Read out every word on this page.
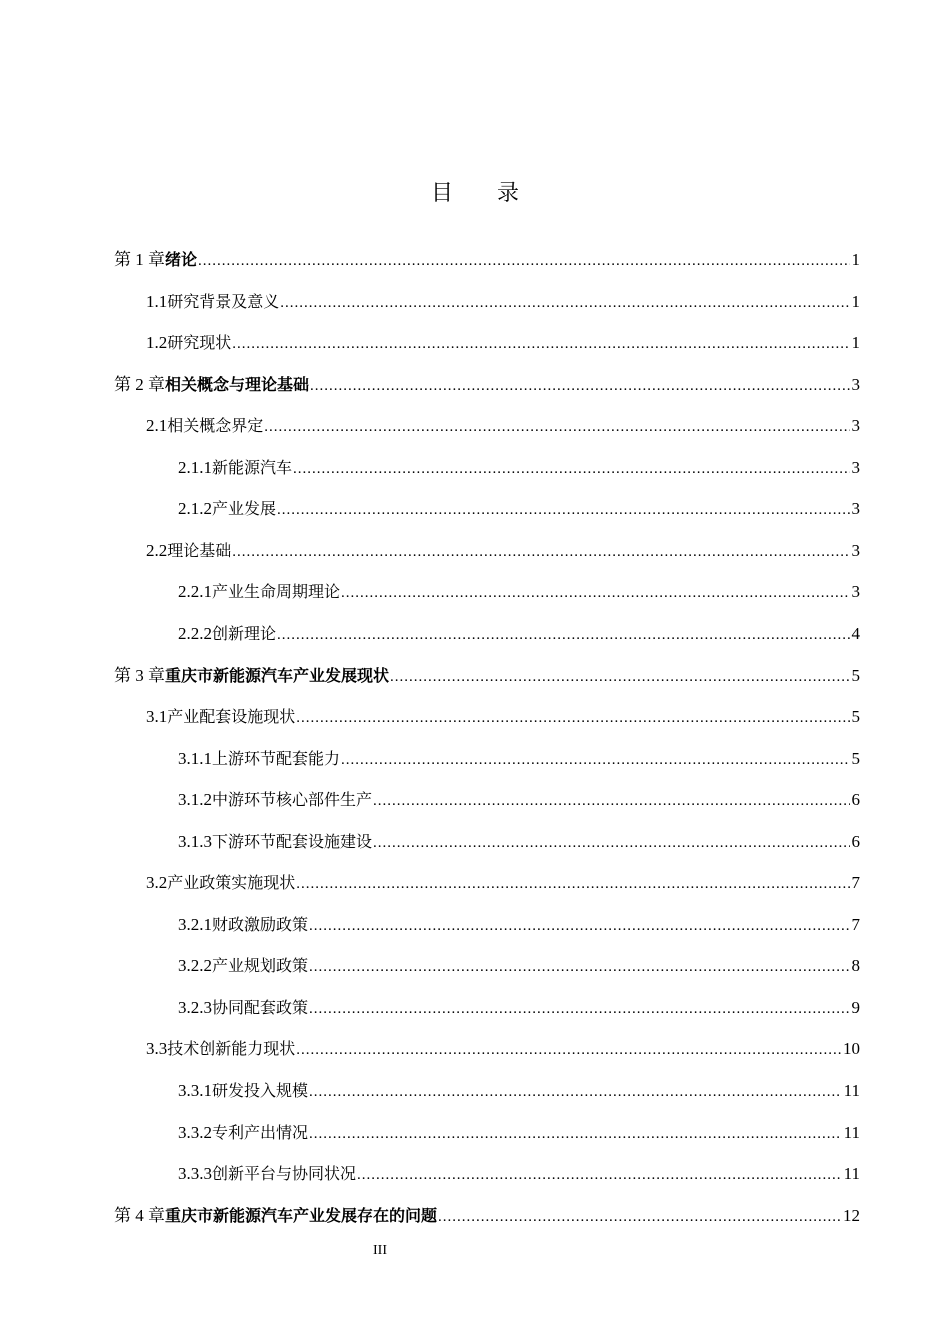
目 录
第 1 章 绪论 .....	1
1.1 研究背景及意义 .....	1
1.2 研究现状 .....	1
第 2 章 相关概念与理论基础 .....	3
2.1 相关概念界定 .....	3
2.1.1 新能源汽车 .....	3
2.1.2 产业发展 .....	3
2.2 理论基础 .....	3
2.2.1 产业生命周期理论 .....	3
2.2.2 创新理论 .....	4
第 3 章 重庆市新能源汽车产业发展现状 .....	5
3.1 产业配套设施现状 .....	5
3.1.1 上游环节配套能力 .....	5
3.1.2 中游环节核心部件生产 .....	6
3.1.3 下游环节配套设施建设 .....	6
3.2 产业政策实施现状 .....	7
3.2.1 财政激励政策 .....	7
3.2.2 产业规划政策 .....	8
3.2.3 协同配套政策 .....	9
3.3 技术创新能力现状 .....	10
3.3.1 研发投入规模 .....	11
3.3.2 专利产出情况 .....	11
3.3.3 创新平台与协同状况 .....	11
第 4 章 重庆市新能源汽车产业发展存在的问题 .....	12
III
